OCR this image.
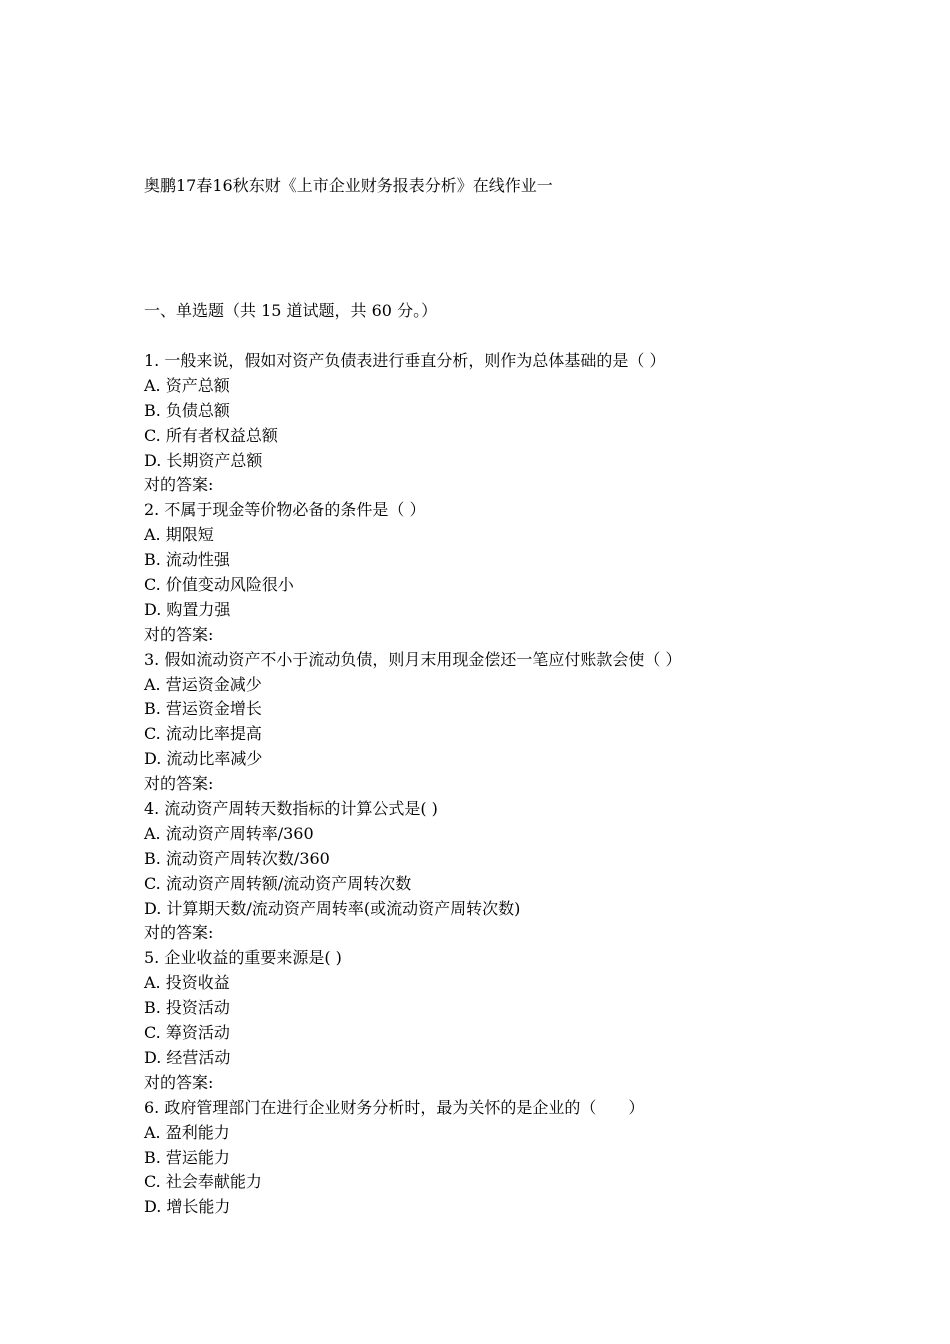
奥鹏17春16秋东财《上市企业财务报表分析》在线作业一
一、单选题（共 15 道试题，共 60 分。）
1. 一般来说，假如对资产负债表进行垂直分析，则作为总体基础的是（ ）
A. 资产总额
B. 负债总额
C. 所有者权益总额
D. 长期资产总额
对的答案:
2. 不属于现金等价物必备的条件是（ ）
A. 期限短
B. 流动性强
C. 价值变动风险很小
D. 购置力强
对的答案:
3. 假如流动资产不小于流动负债，则月末用现金偿还一笔应付账款会使（ ）
A. 营运资金减少
B. 营运资金增长
C. 流动比率提高
D. 流动比率减少
对的答案:
4. 流动资产周转天数指标的计算公式是( )
A. 流动资产周转率/360
B. 流动资产周转次数/360
C. 流动资产周转额/流动资产周转次数
D. 计算期天数/流动资产周转率(或流动资产周转次数)
对的答案:
5. 企业收益的重要来源是( )
A. 投资收益
B. 投资活动
C. 筹资活动
D. 经营活动
对的答案:
6. 政府管理部门在进行企业财务分析时，最为关怀的是企业的（　　）
A. 盈利能力
B. 营运能力
C. 社会奉献能力
D. 增长能力
